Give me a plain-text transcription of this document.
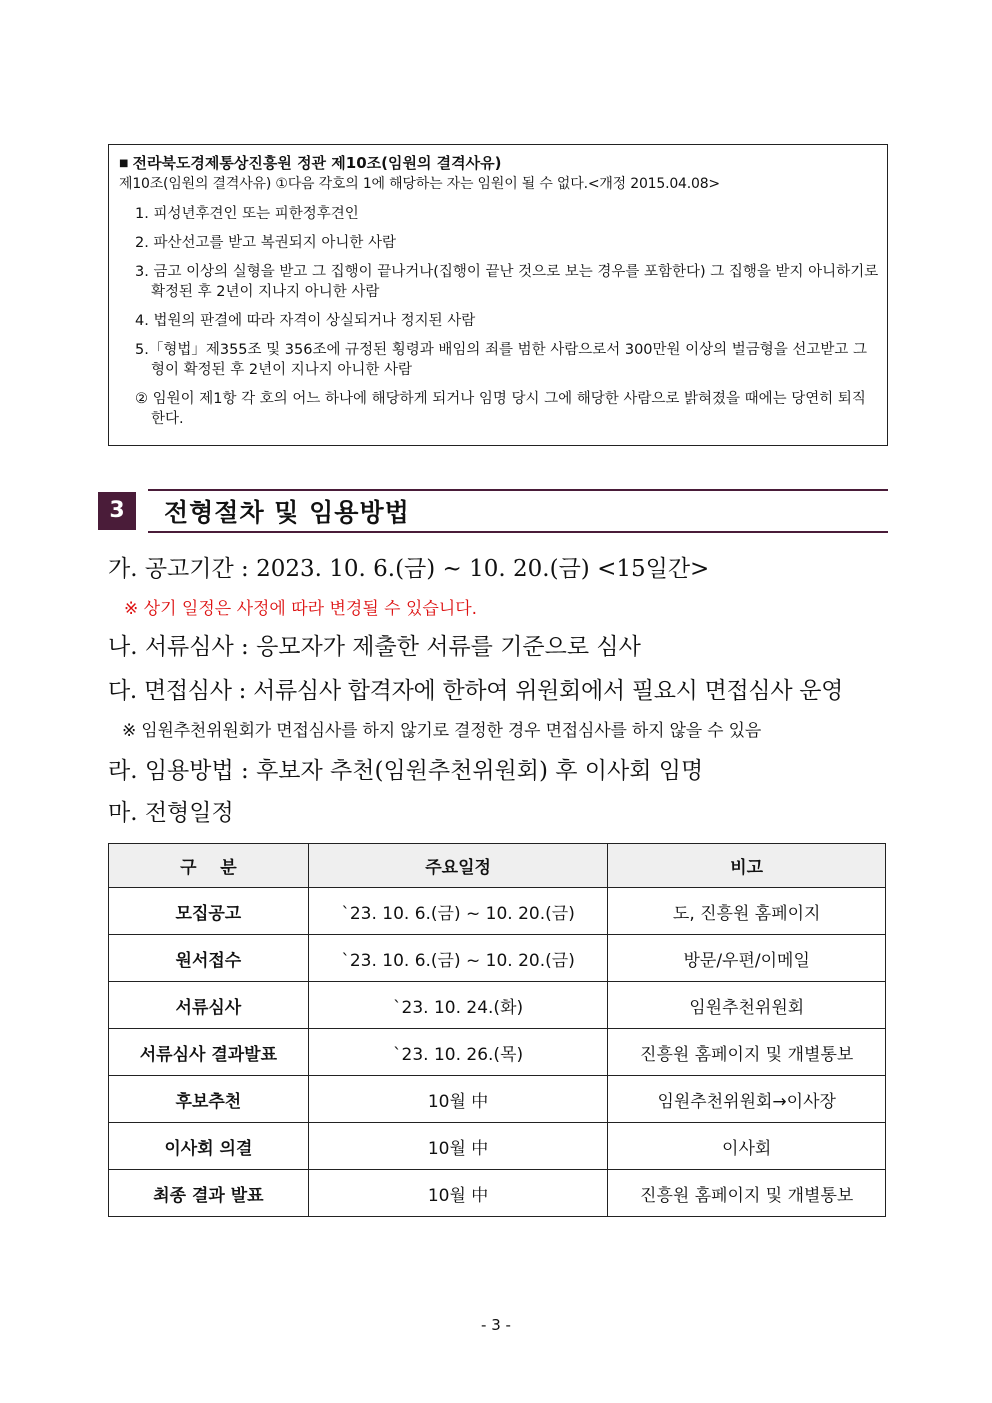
■ 전라북도경제통상진흥원 정관 제10조(임원의 결격사유)
제10조(임원의 결격사유) ①다음 각호의 1에 해당하는 자는 임원이 될 수 없다.<개정 2015.04.08>
1. 피성년후견인 또는 피한정후견인
2. 파산선고를 받고 복권되지 아니한 사람
3. 금고 이상의 실형을 받고 그 집행이 끝나거나(집행이 끝난 것으로 보는 경우를 포함한다) 그 집행을 받지 아니하기로 확정된 후 2년이 지나지 아니한 사람
4. 법원의 판결에 따라 자격이 상실되거나 정지된 사람
5.「형법」제355조 및 356조에 규정된 횡령과 배임의 죄를 범한 사람으로서 300만원 이상의 벌금형을 선고받고 그 형이 확정된 후 2년이 지나지 아니한 사람
② 임원이 제1항 각 호의 어느 하나에 해당하게 되거나 임명 당시 그에 해당한 사람으로 밝혀졌을 때에는 당연히 퇴직한다.
3	전형절차 및 임용방법
가. 공고기간 : 2023. 10. 6.(금) ~ 10. 20.(금) <15일간>
※ 상기 일정은 사정에 따라 변경될 수 있습니다.
나. 서류심사 : 응모자가 제출한 서류를 기준으로 심사
다. 면접심사 : 서류심사 합격자에 한하여 위원회에서 필요시 면접심사 운영
※ 임원추천위원회가 면접심사를 하지 않기로 결정한 경우 면접심사를 하지 않을 수 있음
라. 임용방법 : 후보자 추천(임원추천위원회) 후 이사회 임명
마. 전형일정
구    분	주요일정	비고
모집공고	`23. 10. 6.(금) ~ 10. 20.(금)	도, 진흥원 홈페이지
원서접수	`23. 10. 6.(금) ~ 10. 20.(금)	방문/우편/이메일
서류심사	`23. 10. 24.(화)	임원추천위원회
서류심사 결과발표	`23. 10. 26.(목)	진흥원 홈페이지 및 개별통보
후보추천	10월 中	임원추천위원회→이사장
이사회 의결	10월 中	이사회
최종 결과 발표	10월 中	진흥원 홈페이지 및 개별통보
- 3 -
